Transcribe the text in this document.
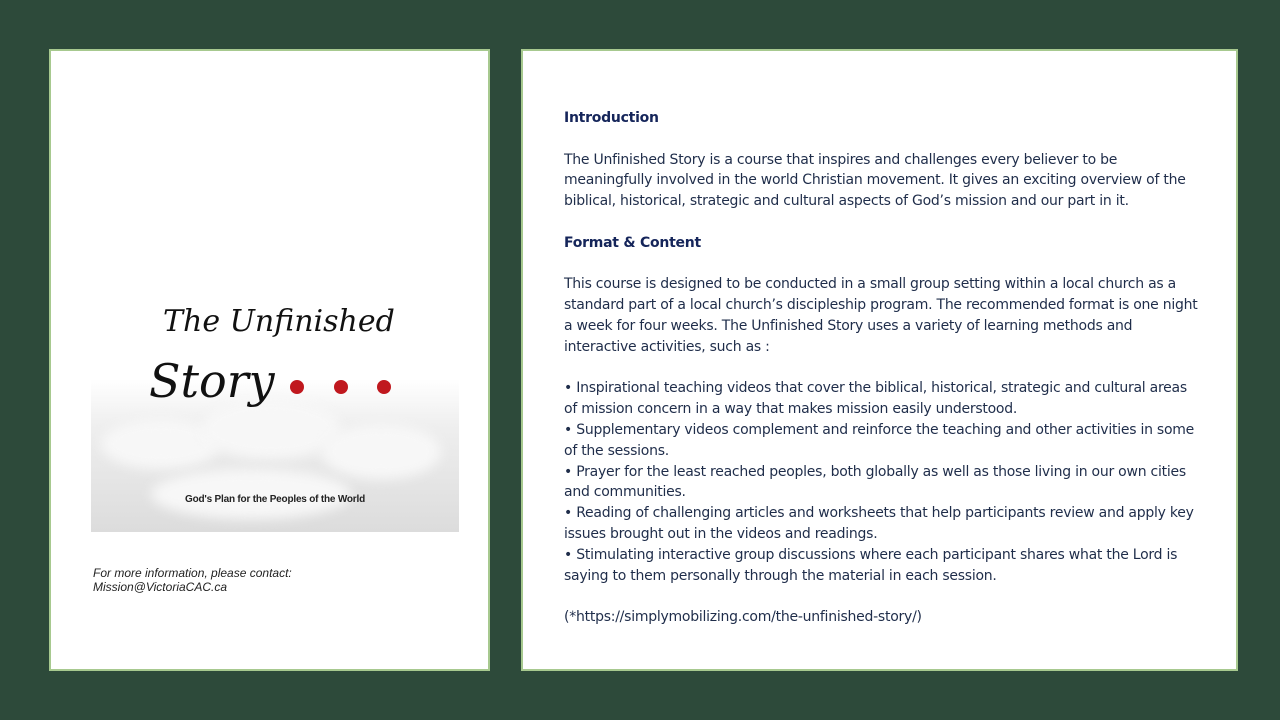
The Unfinished
Story
God's Plan for the Peoples of the World
For more information, please contact:
Mission@VictoriaCAC.ca

Introduction

The Unfinished Story is a course that inspires and challenges every believer to be meaningfully involved in the world Christian movement. It gives an exciting overview of the biblical, historical, strategic and cultural aspects of God’s mission and our part in it.

Format & Content

This course is designed to be conducted in a small group setting within a local church as a standard part of a local church’s discipleship program. The recommended format is one night a week for four weeks. The Unfinished Story uses a variety of learning methods and interactive activities, such as :

• Inspirational teaching videos that cover the biblical, historical, strategic and cultural areas of mission concern in a way that makes mission easily understood.

• Supplementary videos complement and reinforce the teaching and other activities in some of the sessions.

• Prayer for the least reached peoples, both globally as well as those living in our own cities and communities.

• Reading of challenging articles and worksheets that help participants review and apply key issues brought out in the videos and readings.

• Stimulating interactive group discussions where each participant shares what the Lord is saying to them personally through the material in each session.

(*https://simplymobilizing.com/the-unfinished-story/)
